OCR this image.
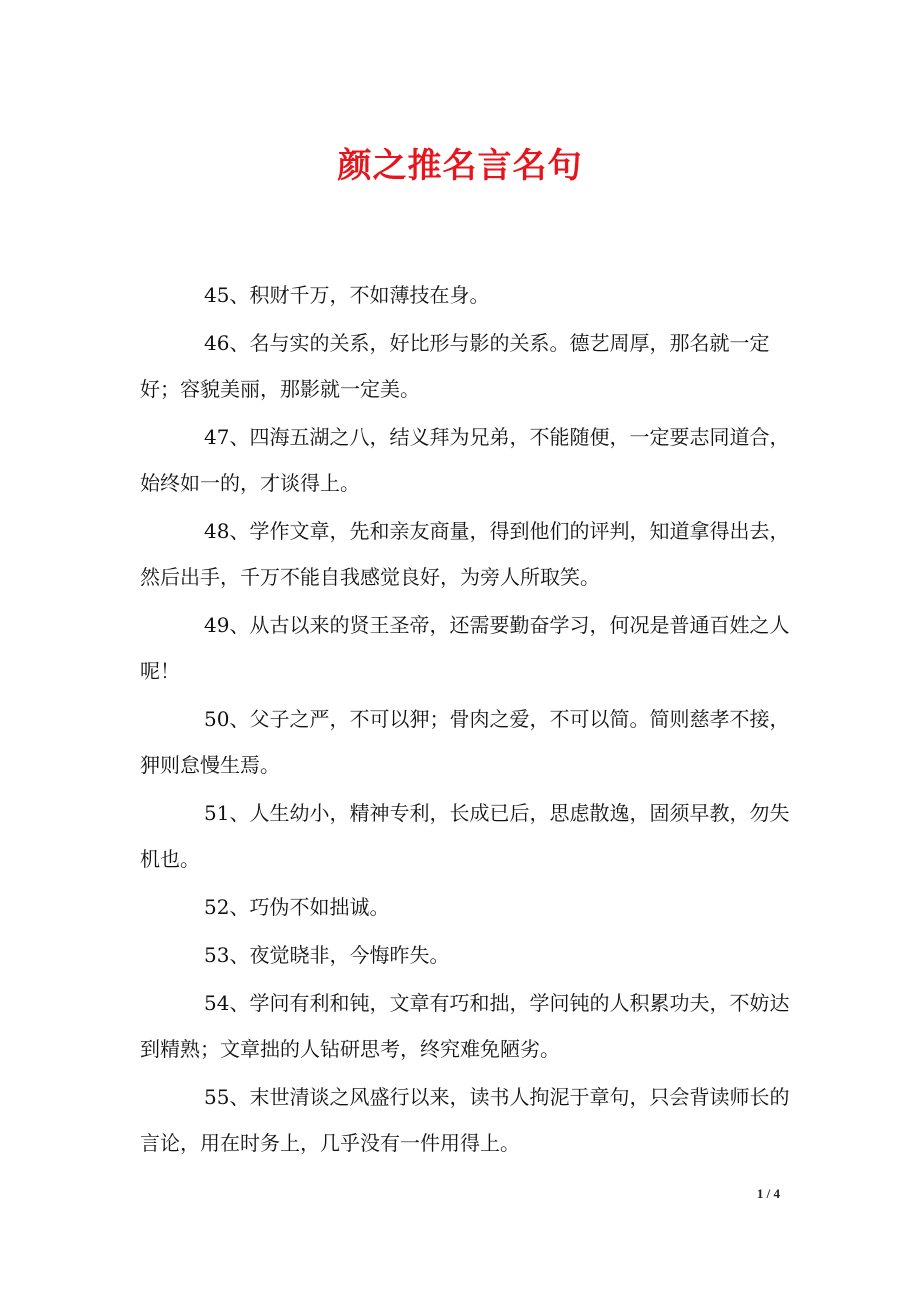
颜之推名言名句

45、积财千万，不如薄技在身。

46、名与实的关系，好比形与影的关系。德艺周厚，那名就一定好；容貌美丽，那影就一定美。

47、四海五湖之八，结义拜为兄弟，不能随便，一定要志同道合，始终如一的，才谈得上。

48、学作文章，先和亲友商量，得到他们的评判，知道拿得出去，然后出手，千万不能自我感觉良好，为旁人所取笑。

49、从古以来的贤王圣帝，还需要勤奋学习，何况是普通百姓之人呢！

50、父子之严，不可以狎；骨肉之爱，不可以简。简则慈孝不接，狎则怠慢生焉。

51、人生幼小，精神专利，长成已后，思虑散逸，固须早教，勿失机也。

52、巧伪不如拙诚。

53、夜觉晓非，今悔昨失。

54、学问有利和钝，文章有巧和拙，学问钝的人积累功夫，不妨达到精熟；文章拙的人钻研思考，终究难免陋劣。

55、末世清谈之风盛行以来，读书人拘泥于章句，只会背读师长的言论，用在时务上，几乎没有一件用得上。

1 / 4
